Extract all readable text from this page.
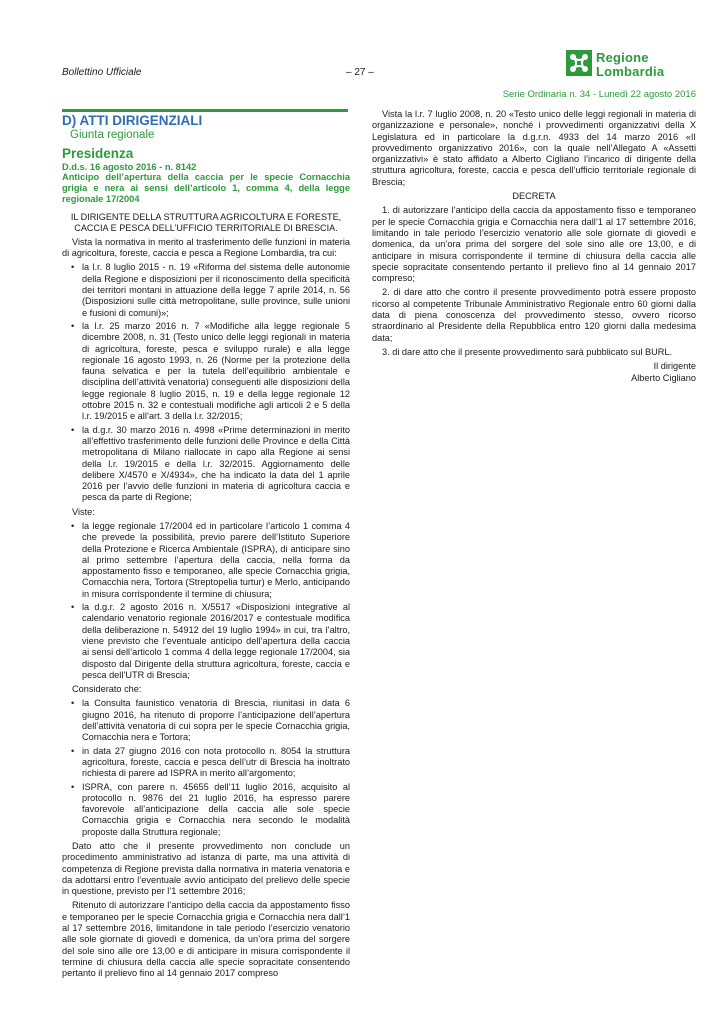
Bollettino Ufficiale	– 27 –
Regione
Lombardia
Serie Ordinaria n. 34 - Lunedì 22 agosto 2016
D) ATTI DIRIGENZIALI
Giunta regionale
Presidenza
D.d.s. 16 agosto 2016 - n. 8142
Anticipo dell’apertura della caccia per le specie Cornacchia grigia e nera ai sensi dell’articolo 1, comma 4, della legge regionale 17/2004
IL DIRIGENTE DELLA STRUTTURA AGRICOLTURA E FORESTE, CACCIA E PESCA DELL’UFFICIO TERRITORIALE DI BRESCIA.

Vista la normativa in merito al trasferimento delle funzioni in materia di agricoltura, foreste, caccia e pesca a Regione Lombardia, tra cui:

• la l.r. 8 luglio 2015 - n. 19 «Riforma del sistema delle autonomie della Regione e disposizioni per il riconoscimento della specificità dei territori montani in attuazione della legge 7 aprile 2014, n. 56 (Disposizioni sulle città metropolitane, sulle province, sulle unioni e fusioni di comuni)»;
• la l.r. 25 marzo 2016 n. 7 «Modifiche alla legge regionale 5 dicembre 2008, n. 31 (Testo unico delle leggi regionali in materia di agricoltura, foreste, pesca e sviluppo rurale) e alla legge regionale 16 agosto 1993, n. 26 (Norme per la protezione della fauna selvatica e per la tutela dell’equilibrio ambientale e disciplina dell’attività venatoria) conseguenti alle disposizioni della legge regionale 8 luglio 2015, n. 19 e della legge regionale 12 ottobre 2015 n. 32 e contestuali modifiche agli articoli 2 e 5 della l.r. 19/2015 e all’art. 3 della l.r. 32/2015;
• la d.g.r. 30 marzo 2016 n. 4998 «Prime determinazioni in merito all’effettivo trasferimento delle funzioni delle Province e della Città metropolitana di Milano riallocate in capo alla Regione ai sensi della l.r. 19/2015 e della l.r. 32/2015. Aggiornamento delle delibere X/4570 e X/4934», che ha indicato la data del 1 aprile 2016 per l’avvio delle funzioni in materia di agricoltura caccia e pesca da parte di Regione;
Viste:
• la legge regionale 17/2004 ed in particolare l’articolo 1 comma 4 che prevede la possibilità, previo parere dell’Istituto Superiore della Protezione e Ricerca Ambientale (ISPRA), di anticipare sino al primo settembre l’apertura della caccia, nella forma da appostamento fisso e temporaneo, alle specie Cornacchia grigia, Cornacchia nera, Tortora (Streptopelia turtur) e Merlo, anticipando in misura corrispondente il termine di chiusura;
• la d.g.r. 2 agosto 2016 n. X/5517 «Disposizioni integrative al calendario venatorio regionale 2016/2017 e contestuale modifica della deliberazione n. 54912 del 19 luglio 1994» in cui, tra l’altro, viene previsto che l’eventuale anticipo dell’apertura della caccia ai sensi dell’articolo 1 comma 4 della legge regionale 17/2004, sia disposto dal Dirigente della struttura agricoltura, foreste, caccia e pesca dell’UTR di Brescia;
Considerato che:
• la Consulta faunistico venatoria di Brescia, riunitasi in data 6 giugno 2016, ha ritenuto di proporre l’anticipazione dell’apertura dell’attività venatoria di cui sopra per le specie Cornacchia grigia, Cornacchia nera e Tortora;
• in data 27 giugno 2016 con nota protocollo n. 8054 la struttura agricoltura, foreste, caccia e pesca dell’utr di Brescia ha inoltrato richiesta di parere ad ISPRA in merito all’argomento;
• ISPRA, con parere n. 45655 dell’11 luglio 2016, acquisito al protocollo n. 9876 del 21 luglio 2016, ha espresso parere favorevole all’anticipazione della caccia alle sole specie Cornacchia grigia e Cornacchia nera secondo le modalità proposte dalla Struttura regionale;

Dato atto che il presente provvedimento non conclude un procedimento amministrativo ad istanza di parte, ma una attività di competenza di Regione prevista dalla normativa in materia venatoria e da adottarsi entro l’eventuale avvio anticipato del prelievo delle specie in questione, previsto per l’1 settembre 2016;

Ritenuto di autorizzare l’anticipo della caccia da appostamento fisso e temporaneo per le specie Cornacchia grigia e Cornacchia nera dall’1 al 17 settembre 2016, limitandone in tale periodo l’esercizio venatorio alle sole giornate di giovedì e domenica, da un’ora prima del sorgere del sole sino alle ore 13,00 e di anticipare in misura corrispondente il termine di chiusura della caccia alle specie sopracitate consentendo pertanto il prelievo fino al 14 gennaio 2017 compreso

Vista la l.r. 7 luglio 2008, n. 20 «Testo unico delle leggi regionali in materia di organizzazione e personale», nonché i provvedimenti organizzativi della X Legislatura ed in particolare la d.g.r.n. 4933 del 14 marzo 2016 «II provvedimento organizzativo 2016», con la quale nell’Allegato A «Assetti organizzativi» è stato affidato a Alberto Cigliano l’incarico di dirigente della struttura agricoltura, foreste, caccia e pesca dell’ufficio territoriale regionale di Brescia;

DECRETA

1. di autorizzare l’anticipo della caccia da appostamento fisso e temporaneo per le specie Cornacchia grigia e Cornacchia nera dall’1 al 17 settembre 2016, limitando in tale periodo l’esercizio venatorio alle sole giornate di giovedì e domenica, da un’ora prima del sorgere del sole sino alle ore 13,00, e di anticipare in misura corrispondente il termine di chiusura della caccia alle specie sopracitate consentendo pertanto il prelievo fino al 14 gennaio 2017 compreso;

2. di dare atto che contro il presente provvedimento potrà essere proposto ricorso al competente Tribunale Amministrativo Regionale entro 60 giorni dalla data di piena conoscenza del provvedimento stesso, ovvero ricorso straordinario al Presidente della Repubblica entro 120 giorni dalla medesima data;

3. di dare atto che il presente provvedimento sarà pubblicato sul BURL.

Il dirigente

Alberto Cigliano
